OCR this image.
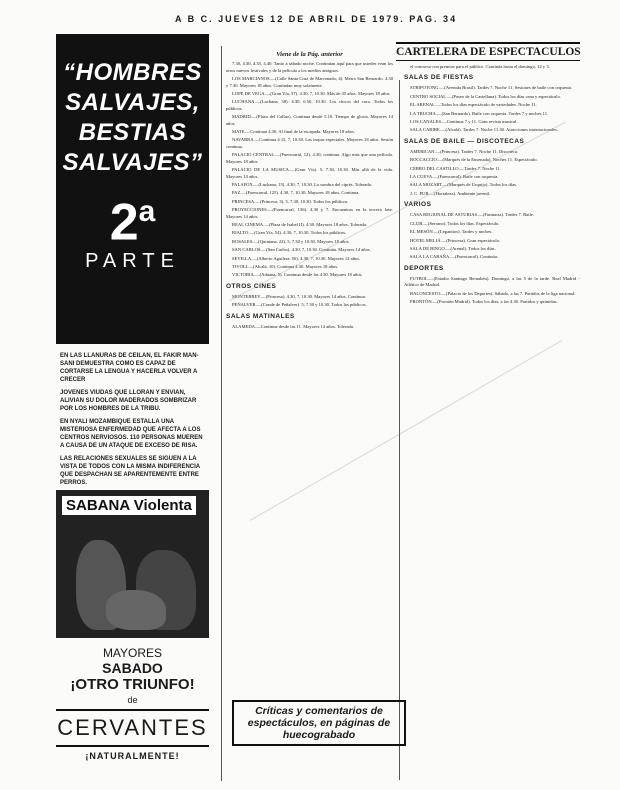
A B C. JUEVES 12 DE ABRIL DE 1979. PAG. 34
“HOMBRES
SALVAJES,
BESTIAS
SALVAJES”
2$^a$
PARTE

EN LAS LLANURAS DE CEILAN, EL FAKIR MAN-SANI DEMUESTRA COMO ES CAPAZ DE CORTARSE LA LENGUA Y HACERLA VOLVER A CRECER

JOVENES VIUDAS QUE LLORAN Y ENVIAN, ALIVIAN SU DOLOR MADERADOS SOMBRIZAR POR LOS HOMBRES DE LA TRIBU.

EN NYALI MOZAMBIQUE ESTALLA UNA MISTERIOSA ENFERMEDAD QUE AFECTA A LOS CENTROS NERVIOSOS. 110 PERSONAS MUEREN A CAUSA DE UN ATAQUE DE EXCESO DE RISA.

LAS RELACIONES SEXUALES SE SIGUEN A LA VISTA DE TODOS CON LA MISMA INDIFERENCIA QUE DESPACHAN SE APARENTEMENTE ENTRE PERROS.

SABANA Violenta
MAYORES
SABADO
¡OTRO TRIUNFO!
de
CERVANTES
¡NATURALMENTE!
Viene de la Pág. anterior

7.30, 4.30, 4.35, 4.40. Tanto a sábado noche. Continúan aquí para que ustedes vean los otros nuevos festivales y de la película a los medios antiguos.

LOS MARCIANOS.—(Calle Santa Cruz de Marcenado, 4). Metro San Bernardo. 4.30 y 7.30. Mayores 18 años. Continúan muy solamente.

LOPE DE VEGA.—(Gran Vía, 57). 4.30, 7, 10.30. Más de 45 años. Mayores 18 años.

LUCHANA.—(Luchana, 38). 4.30, 6.50, 10.30. Los chicos del coro. Todos los públicos.

MADRID.—(Plaza del Callao). Continua desde 5.10. Tiempo de gloria. Mayores 14 años.

MATE.—Continua 4.30. Al final de la escapada. Mayores 18 años.

NAVARRA.—Continua 4.15, 7, 10.30. Las tropas especiales. Mayores 18 años. Sesión continua.

PALACIO CENTRAL.—(Fuencarral, 12). 4.30, continua. Algo más que una película. Mayores 18 años.

PALACIO DE LA MUSICA.—(Gran Vía). 5, 7.30, 10.30. Más allá de la vida. Mayores 14 años.

PALAFOX.—(Luchana, 15). 4.30, 7, 10.30. La sombra del ciprés. Tolerada.

PAZ.—(Fuencarral, 125). 4.30, 7, 10.30. Mayores 18 años. Continua.

PRINCESA.—(Princesa, 3). 5, 7.30, 10.30. Todos los públicos.

PROYECCIONES.—(Fuencarral, 136). 4.30 y 7. Encuentros en la tercera fase. Mayores 14 años.

REAL CINEMA.—(Plaza de Isabel II). 4.30. Mayores 18 años. Tolerada.

RIALTO.—(Gran Vía, 54). 4.30, 7, 10.30. Todos los públicos.

ROSALES.—(Quintana, 22). 5, 7.30 y 10.30. Mayores 18 años.

SAN CARLOS.—(San Carlos). 4.30, 7, 10.30. Continúa. Mayores 14 años.

SEVILLA.—(Alberto Aguilera, 56). 4.30, 7, 10.30. Mayores 14 años.

TIVOLI.—(Alcalá, 10). Continua 4.30. Mayores 18 años.

VICTORIA.—(Aduana, 5). Continua desde las 4.30. Mayores 18 años.

OTROS CINES

MONTERREY.—(Princesa). 4.30, 7, 10.30. Mayores 14 años. Continua.

PEÑALVER.—(Conde de Peñalver). 5, 7.30 y 10.30. Todos los públicos.

SALAS MATINALES

ALAMEDA.—Continua desde las 11. Mayores 14 años. Tolerada.

Críticas y comentarios de
espectáculos, en páginas de
huecograbado
CARTELERA DE ESPECTACULOS

el concurso con premios para el público. Continúa hasta el domingo, 12 y 3.

SALAS DE FIESTAS

STRIPOTONG.—(Avenida Brasil). Tardes 7. Noche 11. Sesiones de baile con orquesta.

CENTRO SOCIAL.—(Paseo de la Castellana). Todos los días cena y espectáculo.

EL ARENAL.—Todos los días espectáculo de variedades. Noche 11.

LA TRUCHA.—(San Bernardo). Baile con orquesta. Tardes 7 y noches 11.

LOS CANALES.—Continua 7 y 11. Gran revista musical.

SALA CARIBE.—(Alcalá). Tardes 7. Noche 11.30. Atracciones internacionales.

SALAS DE BAILE — DISCOTECAS

AMERICAN.—(Princesa). Tardes 7. Noche 11. Discoteca.

BOCCACCIO.—(Marqués de la Ensenada). Noches 11. Espectáculo.

CERRO DEL CASTILLO.—Tardes 7. Noche 11.

LA CUEVA.—(Fuencarral). Baile con orquesta.

SALA MOZART.—(Marqués de Urquijo). Todos los días.

J. C. PUB.—(Hortaleza). Ambiente juvenil.

VARIOS

CASA REGIONAL DE ASTURIAS.—(Farmacia). Tardes 7. Baile.

CLUB.—(Serrano). Todos los días. Espectáculo.

EL MESÓN.—(Leganitos). Tardes y noches.

HOTEL MELIÁ.—(Princesa). Gran espectáculo.

SALA DE BINGO.—(Arenal). Todos los días.

SALA LA CABAÑA.—(Fuencarral). Continúa.

DEPORTES

FUTBOL.—(Estadio Santiago Bernabéu). Domingo, a las 5 de la tarde. Real Madrid - Atlético de Madrid.

BALONCESTO.—(Palacio de los Deportes). Sábado, a las 7. Partidos de la liga nacional.

FRONTÓN.—(Frontón Madrid). Todos los días, a las 4.30. Partidos y quinielas.
